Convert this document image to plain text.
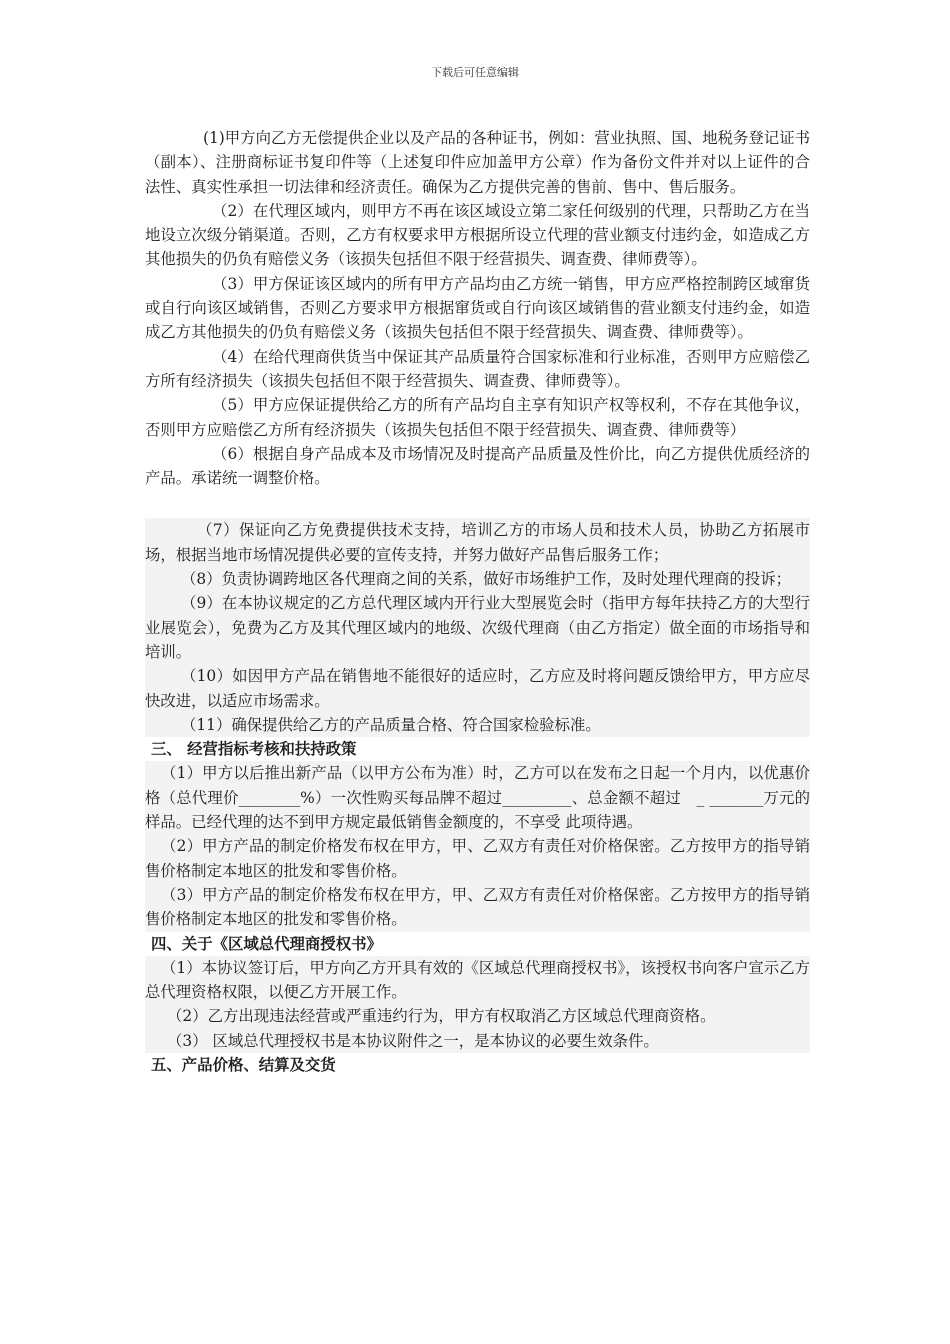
下载后可任意编辑

(1)甲方向乙方无偿提供企业以及产品的各种证书，例如：营业执照、国、地税务登记证书（副本）、注册商标证书复印件等（上述复印件应加盖甲方公章）作为备份文件并对以上证件的合法性、真实性承担一切法律和经济责任。确保为乙方提供完善的售前、售中、售后服务。

（2）在代理区域内，则甲方不再在该区域设立第二家任何级别的代理，只帮助乙方在当地设立次级分销渠道。否则，乙方有权要求甲方根据所设立代理的营业额支付违约金，如造成乙方其他损失的仍负有赔偿义务（该损失包括但不限于经营损失、调查费、律师费等）。

（3）甲方保证该区域内的所有甲方产品均由乙方统一销售，甲方应严格控制跨区域窜货或自行向该区域销售，否则乙方要求甲方根据窜货或自行向该区域销售的营业额支付违约金，如造成乙方其他损失的仍负有赔偿义务（该损失包括但不限于经营损失、调查费、律师费等）。

（4）在给代理商供货当中保证其产品质量符合国家标准和行业标准，否则甲方应赔偿乙方所有经济损失（该损失包括但不限于经营损失、调查费、律师费等）。

（5）甲方应保证提供给乙方的所有产品均自主享有知识产权等权利，不存在其他争议，否则甲方应赔偿乙方所有经济损失（该损失包括但不限于经营损失、调查费、律师费等）

（6）根据自身产品成本及市场情况及时提高产品质量及性价比，向乙方提供优质经济的产品。承诺统一调整价格。

（7）保证向乙方免费提供技术支持，培训乙方的市场人员和技术人员，协助乙方拓展市场，根据当地市场情况提供必要的宣传支持，并努力做好产品售后服务工作；

（8）负责协调跨地区各代理商之间的关系，做好市场维护工作，及时处理代理商的投诉；

（9）在本协议规定的乙方总代理区域内开行业大型展览会时（指甲方每年扶持乙方的大型行业展览会），免费为乙方及其代理区域内的地级、次级代理商（由乙方指定）做全面的市场指导和培训。

（10）如因甲方产品在销售地不能很好的适应时，乙方应及时将问题反馈给甲方，甲方应尽快改进，以适应市场需求。

（11）确保提供给乙方的产品质量合格、符合国家检验标准。

三、 经营指标考核和扶持政策

（1）甲方以后推出新产品（以甲方公布为准）时，乙方可以在发布之日起一个月内，以优惠价格（总代理价________%）一次性购买每品牌不超过_________、总金额不超过　_ _______万元的样品。已经代理的达不到甲方规定最低销售金额度的，不享受 此项待遇。

（2）甲方产品的制定价格发布权在甲方，甲、乙双方有责任对价格保密。乙方按甲方的指导销售价格制定本地区的批发和零售价格。

（3）甲方产品的制定价格发布权在甲方，甲、乙双方有责任对价格保密。乙方按甲方的指导销售价格制定本地区的批发和零售价格。

四、关于《区域总代理商授权书》

（1）本协议签订后，甲方向乙方开具有效的《区域总代理商授权书》，该授权书向客户宣示乙方总代理资格权限，以便乙方开展工作。

（2）乙方出现违法经营或严重违约行为，甲方有权取消乙方区域总代理商资格。

（3） 区域总代理授权书是本协议附件之一，是本协议的必要生效条件。

五、产品价格、结算及交货
